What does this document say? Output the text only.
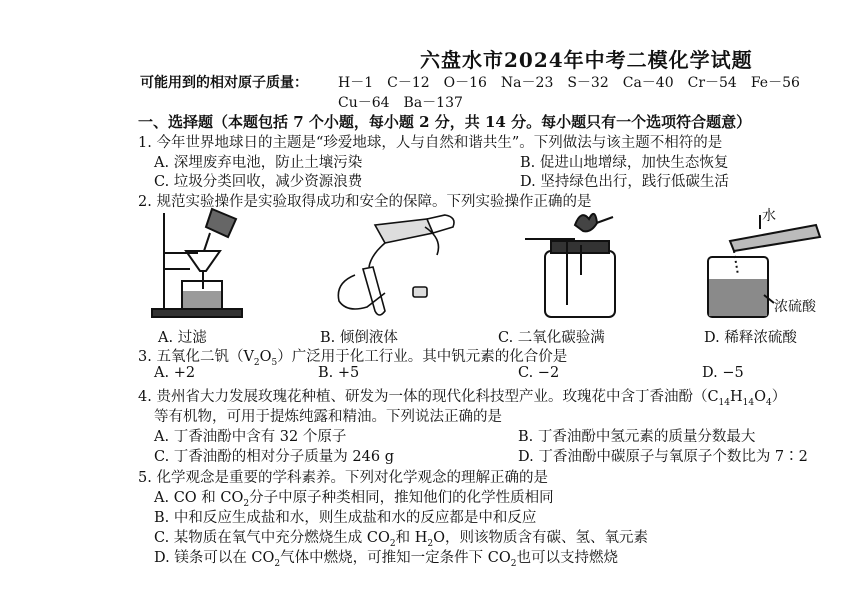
六盘水市2024年中考二模化学试题
可能用到的相对原子质量： H－1　C－12　O－16　Na－23　S－32　Ca－40　Cr－54　Fe－56
Cu－64　Ba－137
一、选择题（本题包括 7 个小题，每小题 2 分，共 14 分。每小题只有一个选项符合题意）
1. 今年世界地球日的主题是“珍爱地球，人与自然和谐共生”。下列做法与该主题不相符的是
A. 深埋废弃电池，防止土壤污染	B. 促进山地增绿，加快生态恢复
C. 垃圾分类回收，减少资源浪费	D. 坚持绿色出行，践行低碳生活
2. 规范实验操作是实验取得成功和安全的保障。下列实验操作正确的是
A. 过滤	B. 倾倒液体	C. 二氧化碳验满
水
浓硫酸
D. 稀释浓硫酸
3. 五氧化二钒$(V_2O_5)$广泛用于化工行业。其中钒元素的化合价是
A. +2	B. +5	C. −2	D. −5
4. 贵州省大力发展玫瑰花种植、研发为一体的现代化科技型产业。玫瑰花中含丁香油酚$(C_{14}H_{14}O_4)$
等有机物，可用于提炼纯露和精油。下列说法正确的是
A. 丁香油酚中含有 32 个原子	B. 丁香油酚中氢元素的质量分数最大
C. 丁香油酚的相对分子质量为 246 g	D. 丁香油酚中碳原子与氧原子个数比为 7∶2
5. 化学观念是重要的学科素养。下列对化学观念的理解正确的是
A. CO 和 $CO_2$分子中原子种类相同，推知他们的化学性质相同
B. 中和反应生成盐和水，则生成盐和水的反应都是中和反应
C. 某物质在氧气中充分燃烧生成 $CO_2$和 $H_2O$，则该物质含有碳、氢、氧元素
D. 镁条可以在 $CO_2$气体中燃烧，可推知一定条件下 $CO_2$也可以支持燃烧
